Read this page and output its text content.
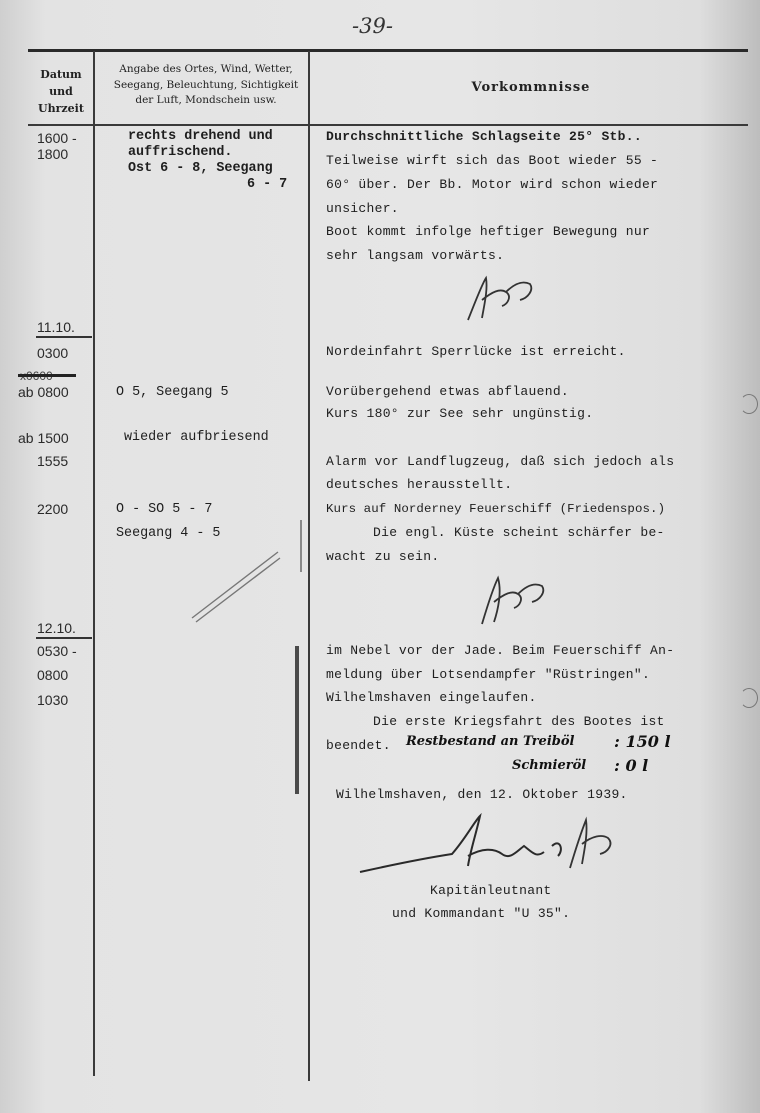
-39-
Datum
und
Uhrzeit
Angabe des Ortes, Wind, Wetter,
Seegang, Beleuchtung, Sichtigkeit
der Luft, Mondschein usw.
Vorkommnisse
1600 -
1800
11.10.
0300
ab 0800
ab 1500
1555
2200
12.10.
0530 -
0800
1030
rechts drehend und
auffrischend.
Ost 6 - 8, Seegang
6 - 7
O 5, Seegang 5
wieder aufbriesend
O - SO 5 - 7
Seegang 4 - 5
Durchschnittliche Schlagseite 25° Stb..
Teilweise wirft sich das Boot wieder 55 -
60° über. Der Bb. Motor wird schon wieder
unsicher.
Boot kommt infolge heftiger Bewegung nur
sehr langsam vorwärts.
Nordeinfahrt Sperrlücke ist erreicht.
Vorübergehend etwas abflauend.
Kurs 180° zur See sehr ungünstig.
Alarm vor Landflugzeug, daß sich jedoch als
deutsches herausstellt.
Kurs auf Norderney Feuerschiff (Friedenspos.)
Die engl. Küste scheint schärfer be-
wacht zu sein.
im Nebel vor der Jade. Beim Feuerschiff An-
meldung über Lotsendampfer "Rüstringen".
Wilhelmshaven eingelaufen.
Die erste Kriegsfahrt des Bootes ist
beendet.
Wilhelmshaven, den 12. Oktober 1939.
Kapitänleutnant
und Kommandant "U 35".
Restbestand an Treiböl : 150 l
Schmieröl : 0 l
